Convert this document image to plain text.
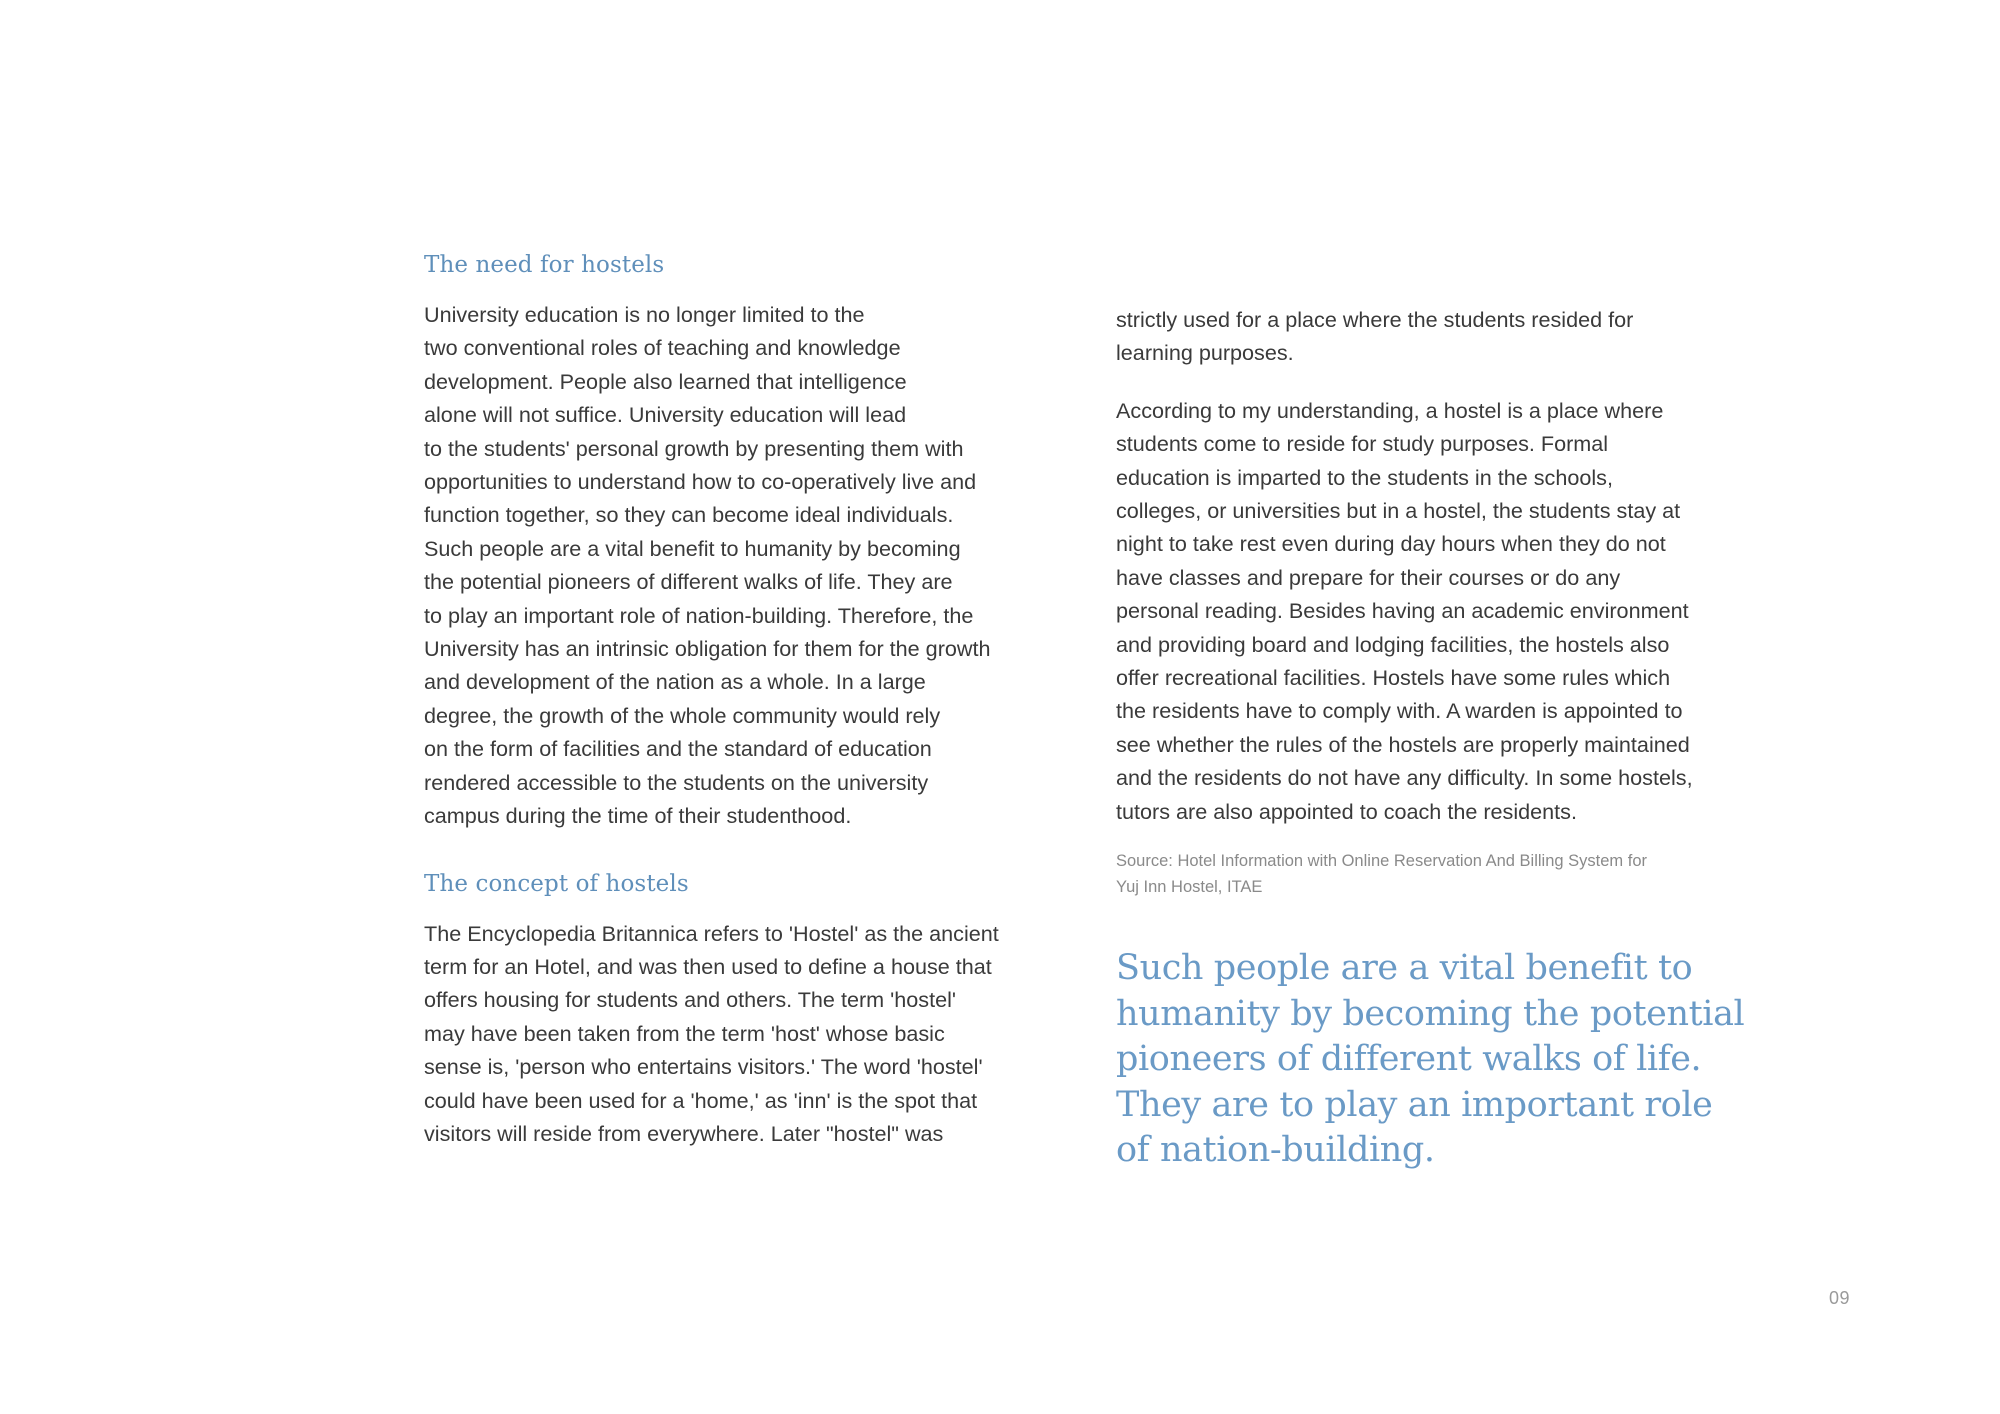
The need for hostels
University education is no longer limited to the
two conventional roles of teaching and knowledge
development. People also learned that intelligence
alone will not suffice. University education will lead
to the students' personal growth by presenting them with
opportunities to understand how to co-operatively live and
function together, so they can become ideal individuals.
Such people are a vital benefit to humanity by becoming
the potential pioneers of different walks of life. They are
to play an important role of nation-building. Therefore, the
University has an intrinsic obligation for them for the growth
and development of the nation as a whole. In a large
degree, the growth of the whole community would rely
on the form of facilities and the standard of education
rendered accessible to the students on the university
campus during the time of their studenthood.
The concept of hostels
The Encyclopedia Britannica refers to 'Hostel' as the ancient
term for an Hotel, and was then used to define a house that
offers housing for students and others. The term 'hostel'
may have been taken from the term 'host' whose basic
sense is, 'person who entertains visitors.' The word 'hostel'
could have been used for a 'home,' as 'inn' is the spot that
visitors will reside from everywhere. Later "hostel" was
strictly used for a place where the students resided for
learning purposes.
According to my understanding, a hostel is a place where
students come to reside for study purposes. Formal
education is imparted to the students in the schools,
colleges, or universities but in a hostel, the students stay at
night to take rest even during day hours when they do not
have classes and prepare for their courses or do any
personal reading. Besides having an academic environment
and providing board and lodging facilities, the hostels also
offer recreational facilities. Hostels have some rules which
the residents have to comply with. A warden is appointed to
see whether the rules of the hostels are properly maintained
and the residents do not have any difficulty. In some hostels,
tutors are also appointed to coach the residents.
Source: Hotel Information with Online Reservation And Billing System for
Yuj Inn Hostel, ITAE
Such people are a vital benefit to
humanity by becoming the potential
pioneers of different walks of life.
They are to play an important role
of nation-building.
09
